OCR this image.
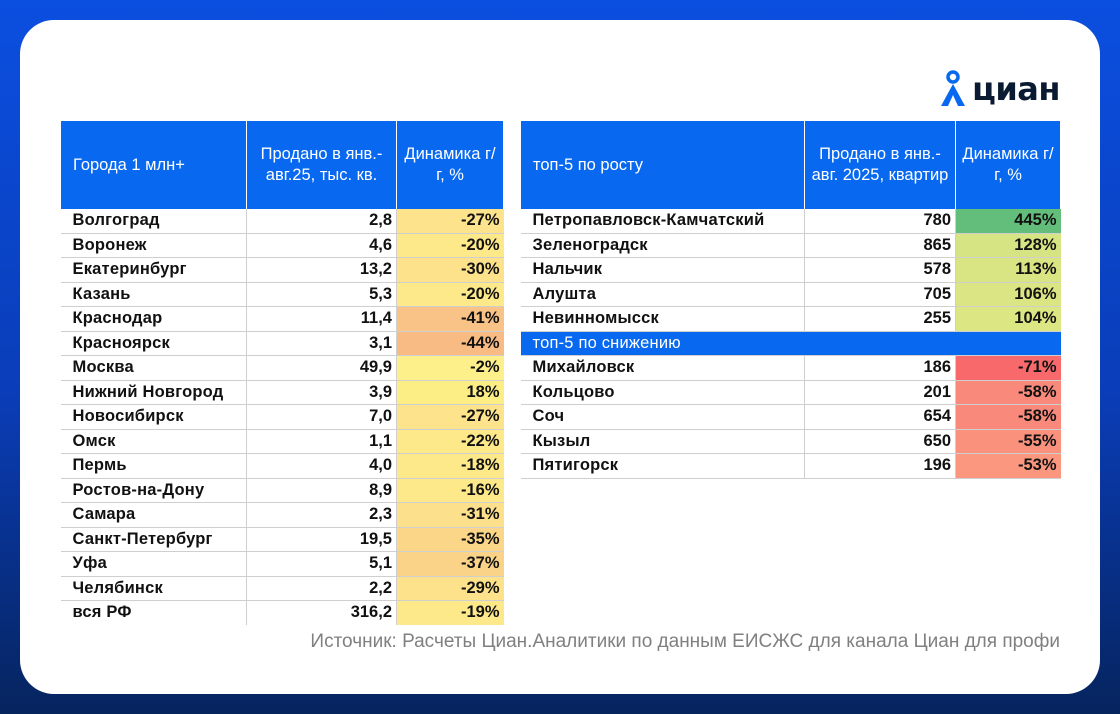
циан
Города 1 млн+	Продано в янв.-авг.25, тыс. кв.	Динамика г/г, %
Волгоград	2,8	-27%
Воронеж	4,6	-20%
Екатеринбург	13,2	-30%
Казань	5,3	-20%
Краснодар	11,4	-41%
Красноярск	3,1	-44%
Москва	49,9	-2%
Нижний Новгород	3,9	18%
Новосибирск	7,0	-27%
Омск	1,1	-22%
Пермь	4,0	-18%
Ростов-на-Дону	8,9	-16%
Самара	2,3	-31%
Санкт-Петербург	19,5	-35%
Уфа	5,1	-37%
Челябинск	2,2	-29%
вся РФ	316,2	-19%
топ-5 по росту	Продано в янв.-авг. 2025, квартир	Динамика г/г, %
Петропавловск-Камчатский	780	445%
Зеленоградск	865	128%
Нальчик	578	113%
Алушта	705	106%
Невинномысск	255	104%
топ-5 по снижению		
Михайловск	186	-71%
Кольцово	201	-58%
Соч	654	-58%
Кызыл	650	-55%
Пятигорск	196	-53%
Источник: Расчеты Циан.Аналитики по данным ЕИСЖС для канала Циан для профи
